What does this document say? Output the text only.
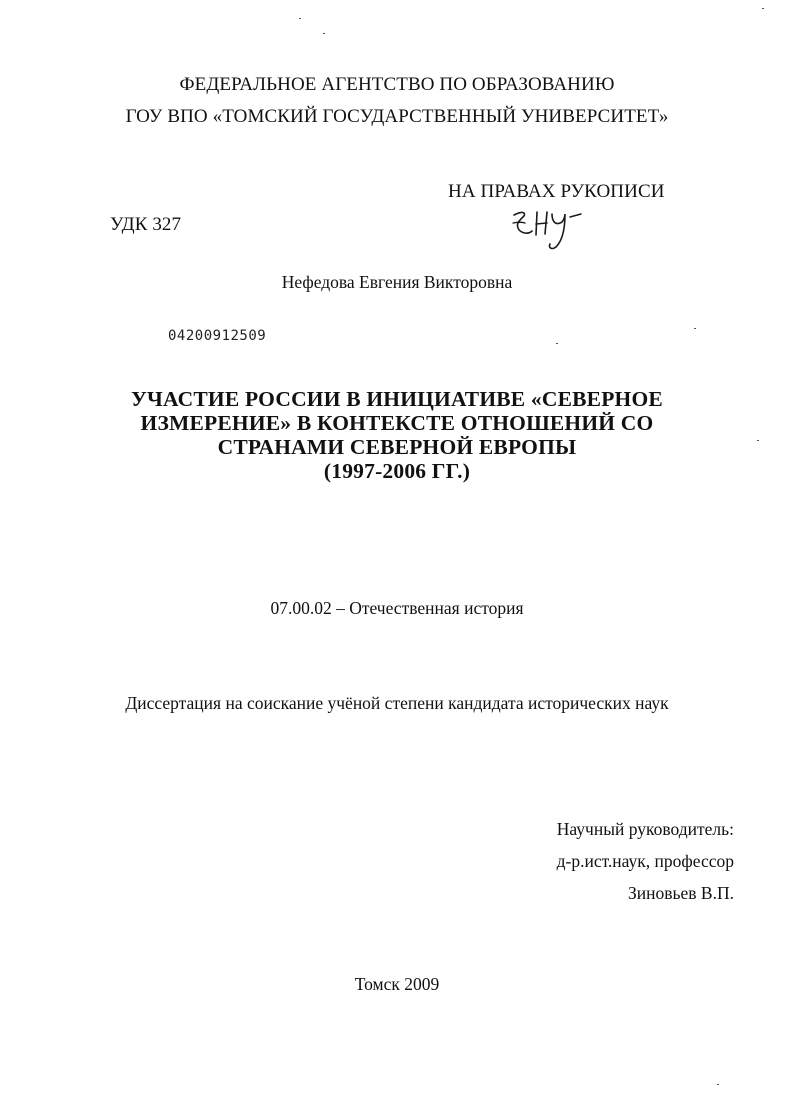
ФЕДЕРАЛЬНОЕ АГЕНТСТВО ПО ОБРАЗОВАНИЮ
ГОУ ВПО «ТОМСКИЙ ГОСУДАРСТВЕННЫЙ УНИВЕРСИТЕТ»
НА ПРАВАХ РУКОПИСИ
УДК 327
Нефедова Евгения Викторовна
04200912509
УЧАСТИЕ РОССИИ В ИНИЦИАТИВЕ «СЕВЕРНОЕ
ИЗМЕРЕНИЕ» В КОНТЕКСТЕ ОТНОШЕНИЙ СО
СТРАНАМИ СЕВЕРНОЙ ЕВРОПЫ
(1997-2006 ГГ.)
07.00.02 – Отечественная история
Диссертация на соискание учёной степени кандидата исторических наук
Научный руководитель:
д-р.ист.наук, профессор
Зиновьев В.П.
Томск 2009
